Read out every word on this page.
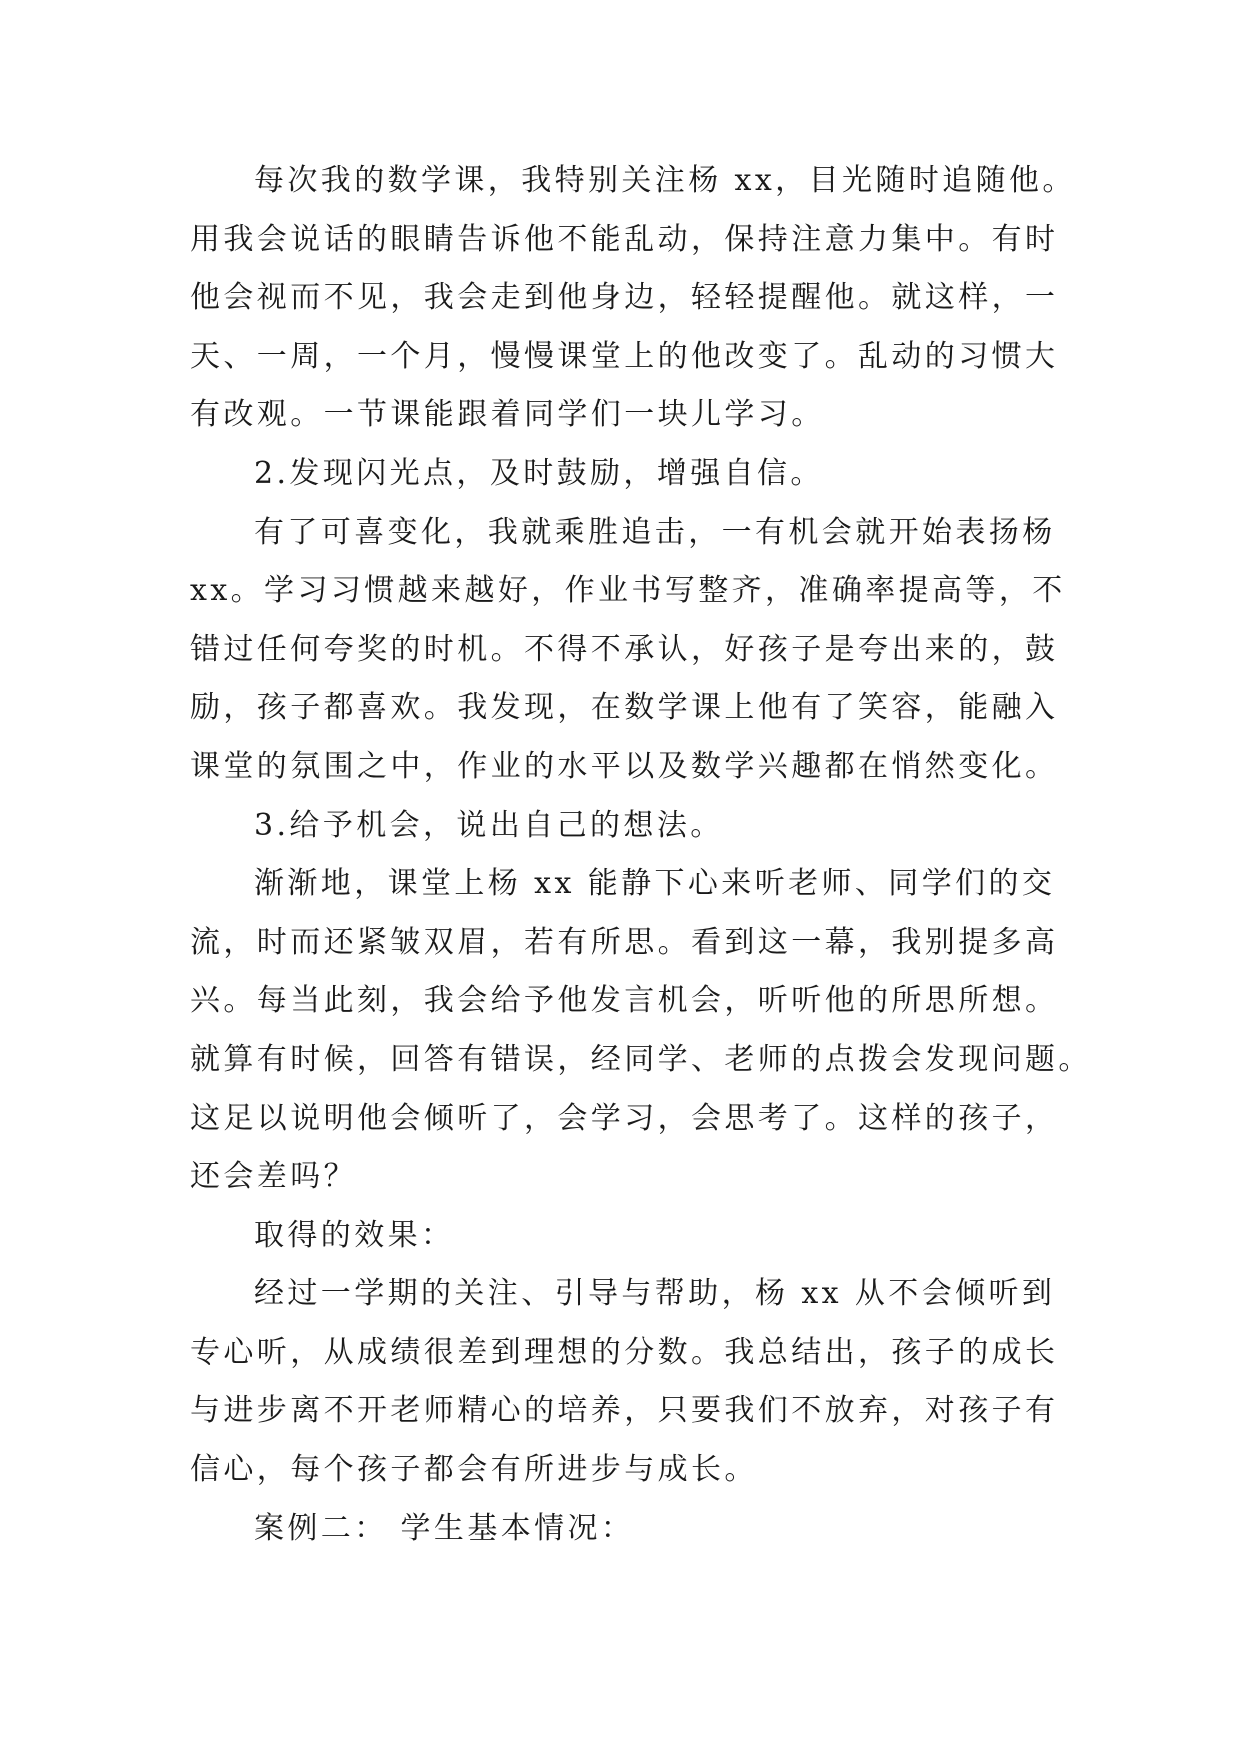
每次我的数学课，我特别关注杨 xx，目光随时追随他。
用我会说话的眼睛告诉他不能乱动，保持注意力集中。有时
他会视而不见，我会走到他身边，轻轻提醒他。就这样，一
天、一周，一个月，慢慢课堂上的他改变了。乱动的习惯大
有改观。一节课能跟着同学们一块儿学习。
2.发现闪光点，及时鼓励，增强自信。
有了可喜变化，我就乘胜追击，一有机会就开始表扬杨
xx。学习习惯越来越好，作业书写整齐，准确率提高等，不
错过任何夸奖的时机。不得不承认，好孩子是夸出来的，鼓
励，孩子都喜欢。我发现，在数学课上他有了笑容，能融入
课堂的氛围之中，作业的水平以及数学兴趣都在悄然变化。
3.给予机会，说出自己的想法。
渐渐地，课堂上杨 xx 能静下心来听老师、同学们的交
流，时而还紧皱双眉，若有所思。看到这一幕，我别提多高
兴。每当此刻，我会给予他发言机会，听听他的所思所想。
就算有时候，回答有错误，经同学、老师的点拨会发现问题。
这足以说明他会倾听了，会学习，会思考了。这样的孩子，
还会差吗？
取得的效果：
经过一学期的关注、引导与帮助，杨 xx 从不会倾听到
专心听，从成绩很差到理想的分数。我总结出，孩子的成长
与进步离不开老师精心的培养，只要我们不放弃，对孩子有
信心，每个孩子都会有所进步与成长。
案例二： 学生基本情况：
